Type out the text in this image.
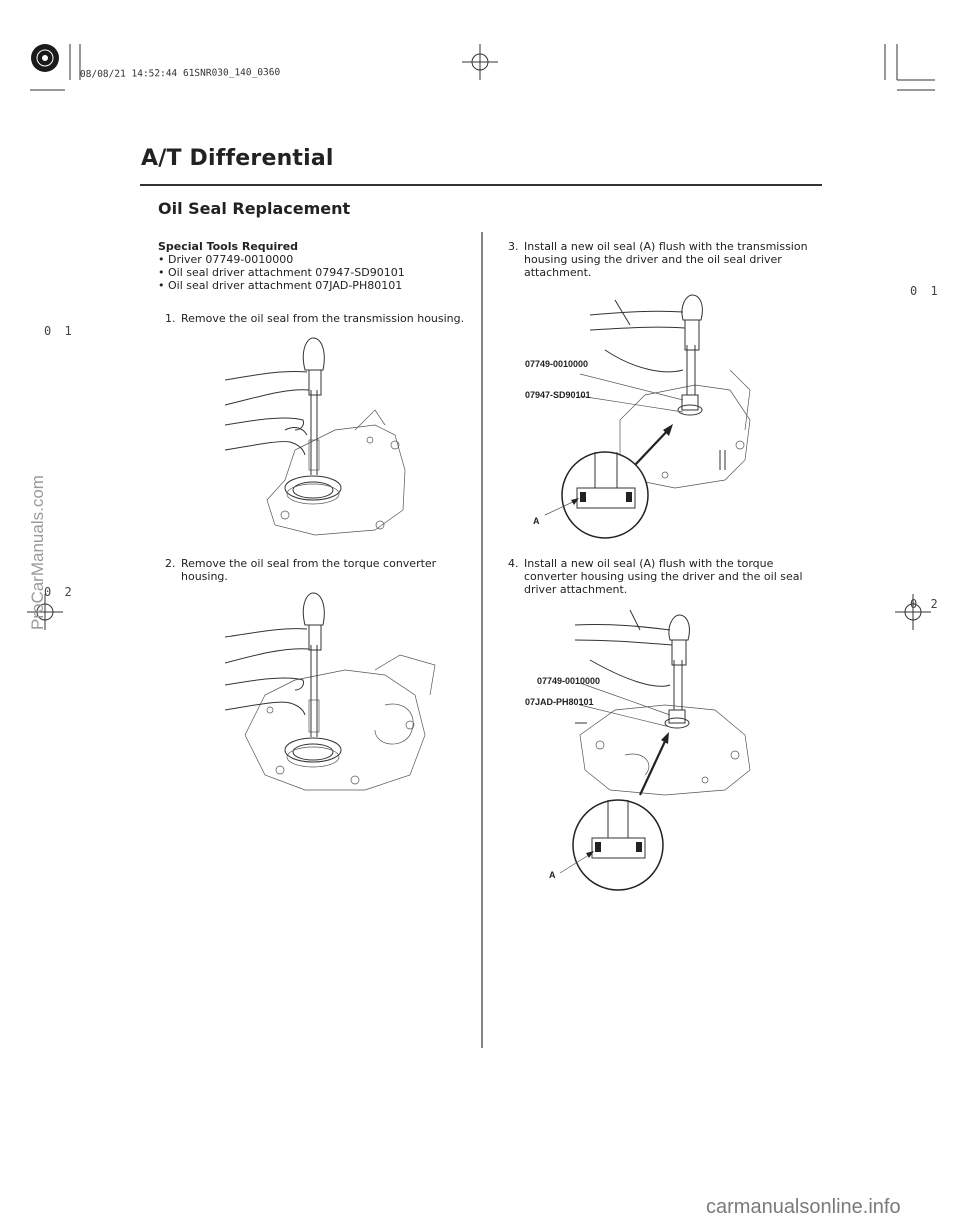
08/08/21 14:52:44 61SNR030_140_0360
A/T Differential
Oil Seal Replacement
0 1
0 2
0 1
0 2
ProCarManuals.com
Special Tools Required
• Driver 07749-0010000
• Oil seal driver attachment 07947-SD90101
• Oil seal driver attachment 07JAD-PH80101
1. Remove the oil seal from the transmission housing.
2. Remove the oil seal from the torque converter housing.
3. Install a new oil seal (A) flush with the transmission housing using the driver and the oil seal driver attachment.
07749-0010000
07947-SD90101
A
4. Install a new oil seal (A) flush with the torque converter housing using the driver and the oil seal driver attachment.
07749-0010000
07JAD-PH80101
A
carmanualsonline.info
